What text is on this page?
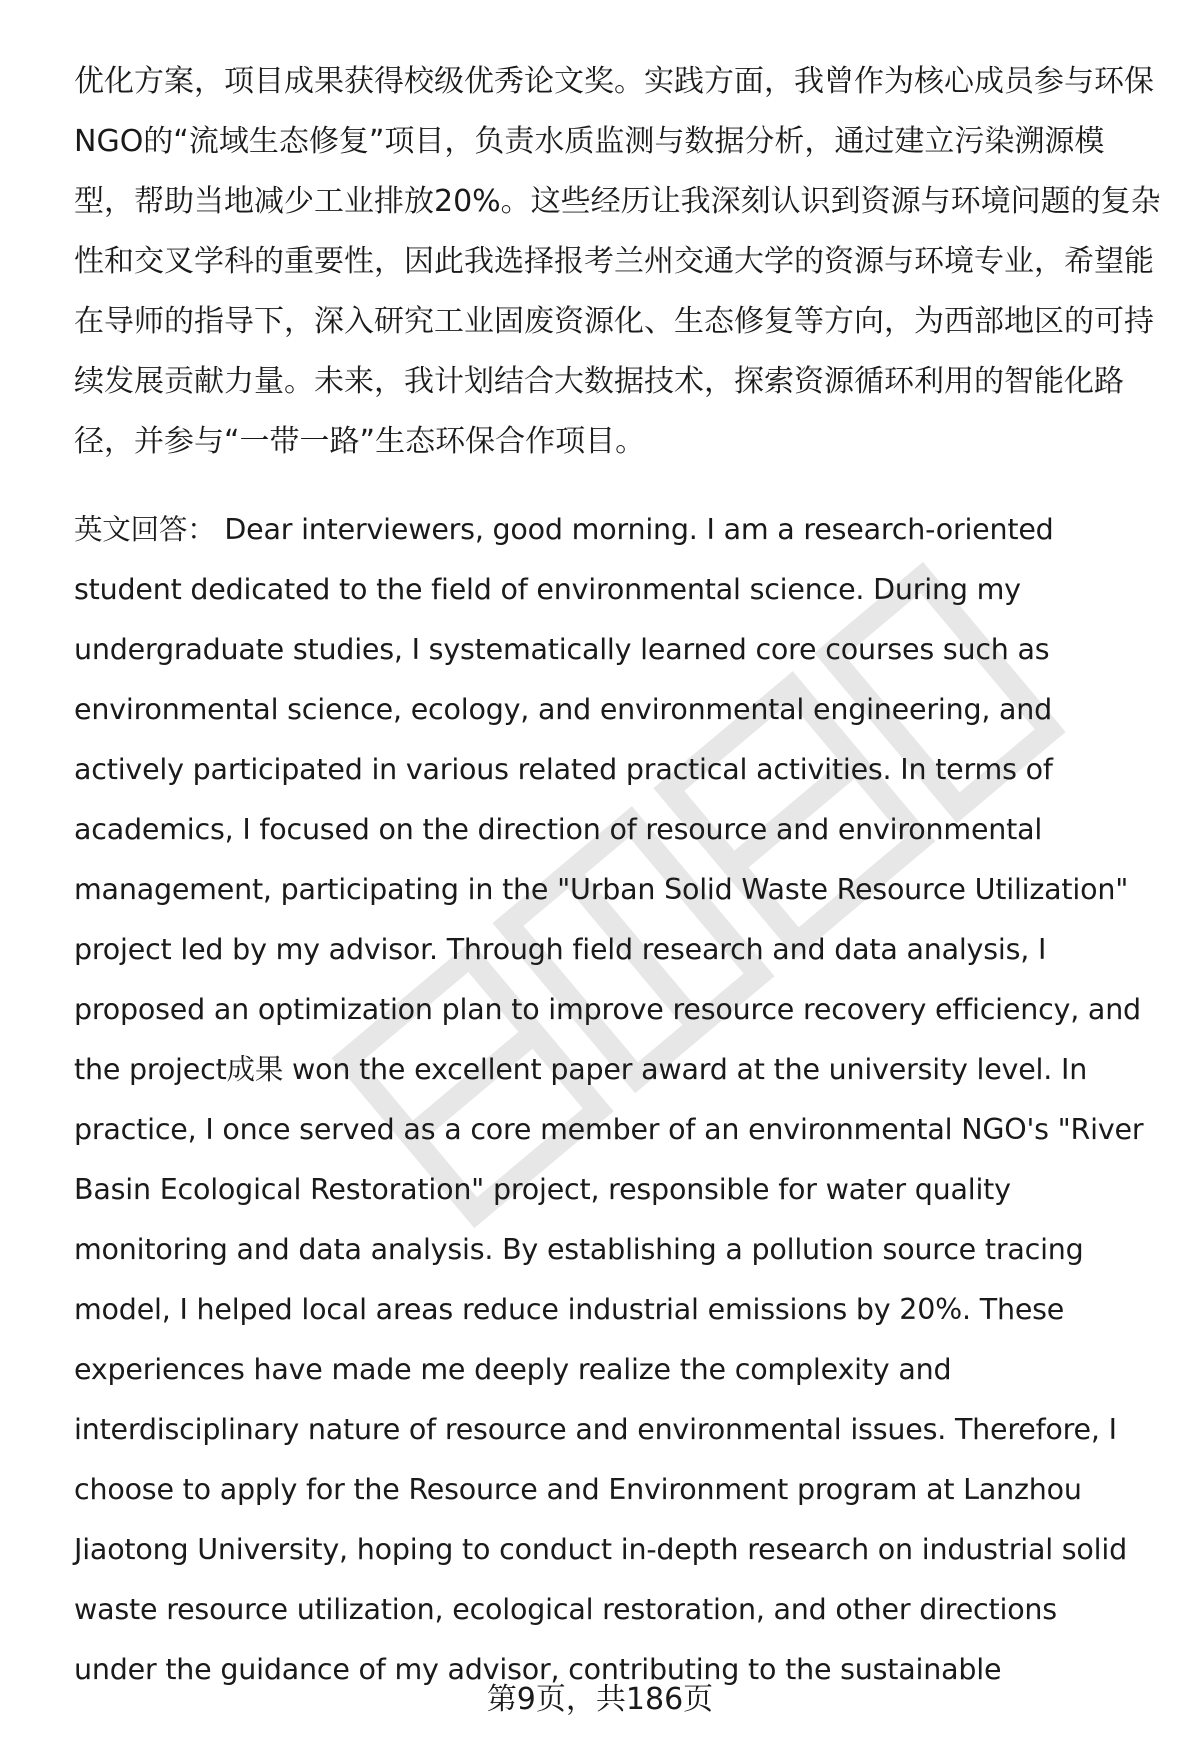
优化方案，项目成果获得校级优秀论文奖。实践方面，我曾作为核心成员参与环保
NGO的“流域生态修复”项目，负责水质监测与数据分析，通过建立污染溯源模
型，帮助当地减少工业排放20%。这些经历让我深刻认识到资源与环境问题的复杂
性和交叉学科的重要性，因此我选择报考兰州交通大学的资源与环境专业，希望能
在导师的指导下，深入研究工业固废资源化、生态修复等方向，为西部地区的可持
续发展贡献力量。未来，我计划结合大数据技术，探索资源循环利用的智能化路
径，并参与“一带一路”生态环保合作项目。
英文回答： Dear interviewers, good morning. I am a research-oriented
student dedicated to the field of environmental science. During my
undergraduate studies, I systematically learned core courses such as
environmental science, ecology, and environmental engineering, and
actively participated in various related practical activities. In terms of
academics, I focused on the direction of resource and environmental
management, participating in the "Urban Solid Waste Resource Utilization"
project led by my advisor. Through field research and data analysis, I
proposed an optimization plan to improve resource recovery efficiency, and
the project成果 won the excellent paper award at the university level. In
practice, I once served as a core member of an environmental NGO's "River
Basin Ecological Restoration" project, responsible for water quality
monitoring and data analysis. By establishing a pollution source tracing
model, I helped local areas reduce industrial emissions by 20%. These
experiences have made me deeply realize the complexity and
interdisciplinary nature of resource and environmental issues. Therefore, I
choose to apply for the Resource and Environment program at Lanzhou
Jiaotong University, hoping to conduct in-depth research on industrial solid
waste resource utilization, ecological restoration, and other directions
under the guidance of my advisor, contributing to the sustainable
第9页，共186页
